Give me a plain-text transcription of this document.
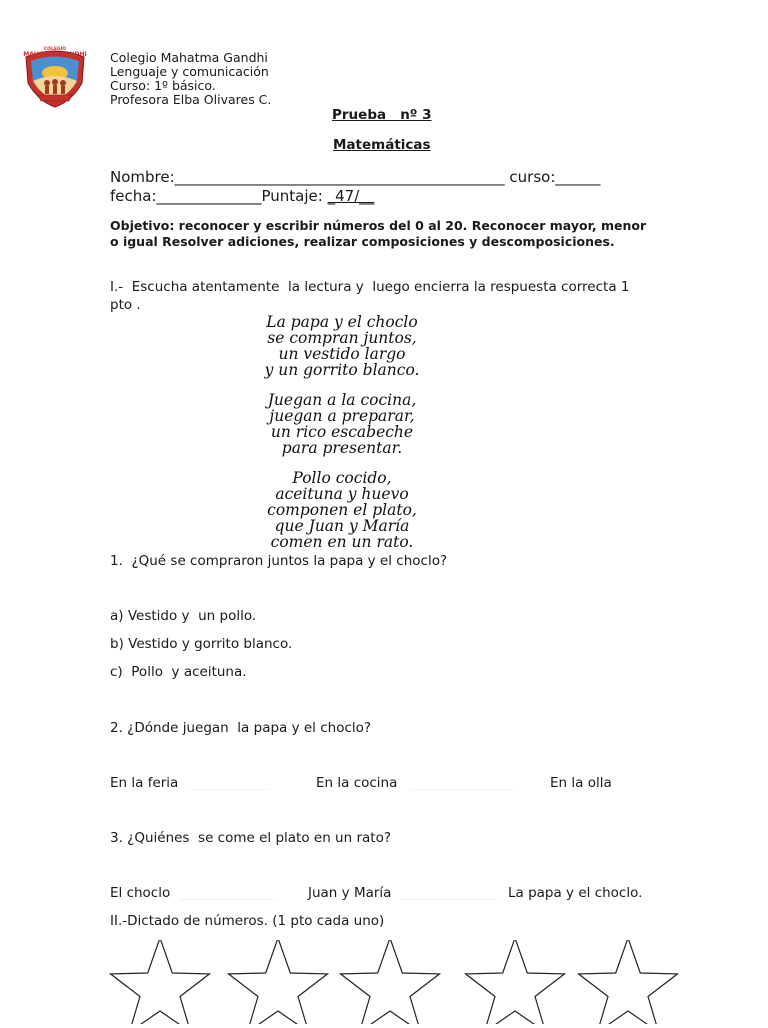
COLEGIO
MAHATMA GANDHI Colegio Mahatma Gandhi
Lenguaje y comunicación
Curso: 1º básico.
Profesora Elba Olivares C.
Prueba   nº 3
Matemáticas
Nombre:____________________________________________ curso:______
fecha:______________Puntaje: _47/__
Objetivo: reconocer y escribir números del 0 al 20. Reconocer mayor, menor o igual Resolver adiciones, realizar composiciones y descomposiciones.
I.-  Escucha atentamente  la lectura y  luego encierra la respuesta correcta 1
pto .
La papa y el choclo
se compran juntos,
un vestido largo
y un gorrito blanco.
Juegan a la cocina,
juegan a preparar,
un rico escabeche
para presentar.
Pollo cocido,
aceituna y huevo
componen el plato,
que Juan y María
comen en un rato.
1.  ¿Qué se compraron juntos la papa y el choclo?
a) Vestido y  un pollo.
b) Vestido y gorrito blanco.
c)  Pollo  y aceituna.
2. ¿Dónde juegan  la papa y el choclo?
En la feria ____________	En la cocina ________________	En la olla
3. ¿Quiénes  se come el plato en un rato?
El choclo _______________ Juan y María _______________ La papa y el choclo.
II.-Dictado de números. (1 pto cada uno)
